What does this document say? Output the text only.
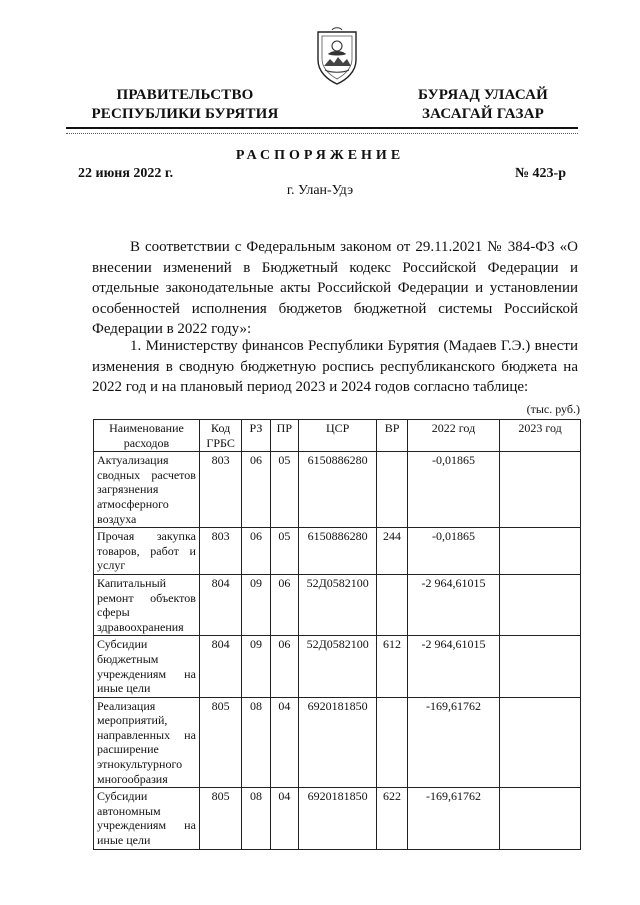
ПРАВИТЕЛЬСТВО
РЕСПУБЛИКИ БУРЯТИЯ
БУРЯАД УЛАСАЙ
ЗАСАГАЙ ГАЗАР
РАСПОРЯЖЕНИЕ
22 июня 2022 г.	№ 423-р
г. Улан-Удэ
В соответствии с Федеральным законом от 29.11.2021 № 384-ФЗ «О внесении изменений в Бюджетный кодекс Российской Федерации и отдельные законодательные акты Российской Федерации и установлении особенностей исполнения бюджетов бюджетной системы Российской Федерации в 2022 году»:
1. Министерству финансов Республики Бурятия (Мадаев Г.Э.) внести изменения в сводную бюджетную роспись республиканского бюджета на 2022 год и на плановый период 2023 и 2024 годов согласно таблице:
(тыс. руб.)
Наименование расходов	Код ГРБС	РЗ	ПР	ЦСР	ВР	2022 год	2023 год
Актуализация сводных расчетов загрязнения атмосферного воздуха	803	06	05	6150886280		-0,01865	
Прочая закупка товаров, работ и услуг	803	06	05	6150886280	244	-0,01865	
Капитальный ремонт объектов сферы здравоохранения	804	09	06	52Д0582100		-2 964,61015	
Субсидии бюджетным учреждениям на иные цели	804	09	06	52Д0582100	612	-2 964,61015	
Реализация мероприятий, направленных на расширение этнокультурного многообразия	805	08	04	6920181850		-169,61762	
Субсидии автономным учреждениям на иные цели	805	08	04	6920181850	622	-169,61762	
